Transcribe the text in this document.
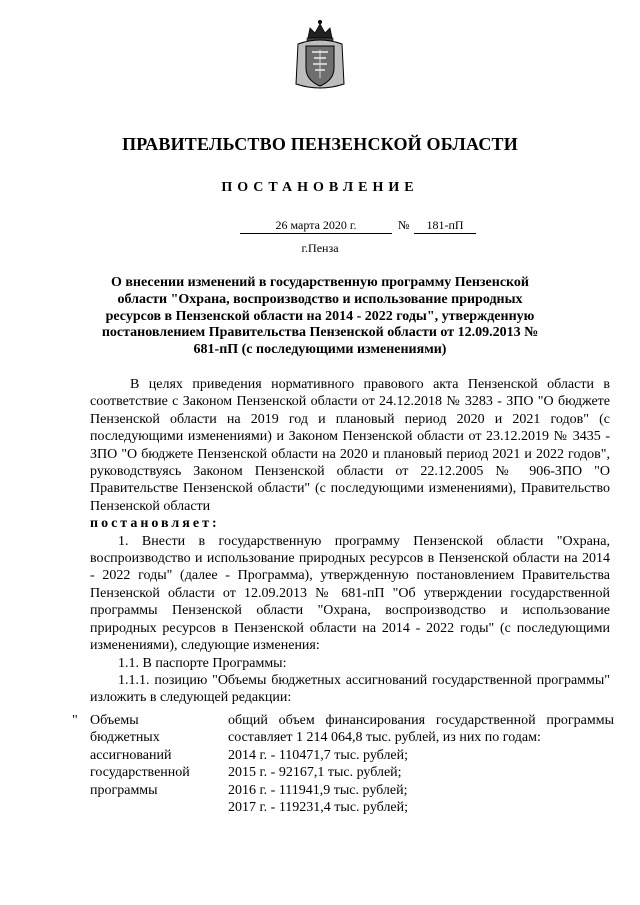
ПРАВИТЕЛЬСТВО ПЕНЗЕНСКОЙ ОБЛАСТИ
ПОСТАНОВЛЕНИЕ
26 марта 2020 г.	№	181-пП
г.Пенза
О внесении изменений в государственную программу Пензенской области "Охрана, воспроизводство и использование природных ресурсов в Пензенской области на 2014 - 2022 годы", утвержденную постановлением Правительства Пензенской области от 12.09.2013 № 681-пП (с последующими изменениями)

В целях приведения нормативного правового акта Пензенской области в соответствие с Законом Пензенской области от 24.12.2018 № 3283 - ЗПО "О бюджете Пензенской области на 2019 год и плановый период 2020 и 2021 годов" (с последующими изменениями) и Законом Пензенской области от 23.12.2019 № 3435 - ЗПО "О бюджете Пензенской области на 2020 и плановый период 2021 и 2022 годов", руководствуясь Законом Пензенской области от 22.12.2005 № 906-ЗПО "О Правительстве Пензенской области" (с последующими изменениями), Правительство Пензенской области

постановляет:

1. Внести в государственную программу Пензенской области "Охрана, воспроизводство и использование природных ресурсов в Пензенской области на 2014 - 2022 годы" (далее - Программа), утвержденную постановлением Правительства Пензенской области от 12.09.2013 № 681-пП "Об утверждении государственной программы Пензенской области "Охрана, воспроизводство и использование природных ресурсов в Пензенской области на 2014 - 2022 годы" (с последующими изменениями), следующие изменения:

1.1. В паспорте Программы:

1.1.1. позицию "Объемы бюджетных ассигнований государственной программы" изложить в следующей редакции:

" Объемы
бюджетных
ассигнований
государственной
программы

общий объем финансирования государственной программы составляет 1 214 064,8 тыс. рублей, из них по годам:

2014 г. - 110471,7 тыс. рублей;
2015 г. - 92167,1 тыс. рублей;
2016 г. - 111941,9 тыс. рублей;
2017 г. - 119231,4 тыс. рублей;
